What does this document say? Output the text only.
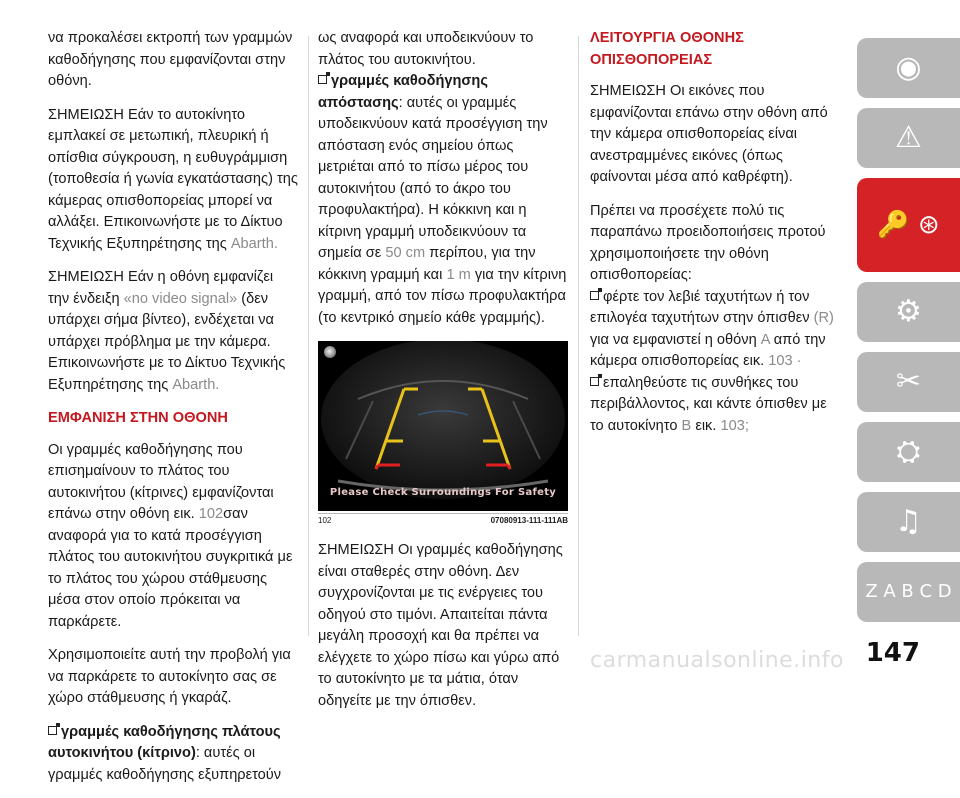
να προκαλέσει εκτροπή των γραμμών καθοδήγησης που εμφανίζονται στην οθόνη.

ΣΗΜΕΙΩΣΗ Εάν το αυτοκίνητο εμπλακεί σε μετωπική, πλευρική ή οπίσθια σύγκρουση, η ευθυγράμμιση (τοποθεσία ή γωνία εγκατάστασης) της κάμερας οπισθοπορείας μπορεί να αλλάξει. Επικοινωνήστε με το Δίκτυο Τεχνικής Εξυπηρέτησης της Abarth.

ΣΗΜΕΙΩΣΗ Εάν η οθόνη εμφανίζει την ένδειξη «no video signal» (δεν υπάρχει σήμα βίντεο), ενδέχεται να υπάρχει πρόβλημα με την κάμερα. Επικοινωνήστε με το Δίκτυο Τεχνικής Εξυπηρέτησης της Abarth.

ΕΜΦΑΝΙΣΗ ΣΤΗΝ ΟΘΟΝΗ

Οι γραμμές καθοδήγησης που επισημαίνουν το πλάτος του αυτοκινήτου (κίτρινες) εμφανίζονται επάνω στην οθόνη εικ. 102σαν αναφορά για το κατά προσέγγιση πλάτος του αυτοκινήτου συγκριτικά με το πλάτος του χώρου στάθμευσης μέσα στον οποίο πρόκειται να παρκάρετε.

Χρησιμοποιείτε αυτή την προβολή για να παρκάρετε το αυτοκίνητο σας σε χώρο στάθμευσης ή γκαράζ.

γραμμές καθοδήγησης πλάτους αυτοκινήτου (κίτρινο): αυτές οι γραμμές καθοδήγησης εξυπηρετούν

ως αναφορά και υποδεικνύουν το πλάτος του αυτοκινήτου.

γραμμές καθοδήγησης απόστασης: αυτές οι γραμμές υποδεικνύουν κατά προσέγγιση την απόσταση ενός σημείου όπως μετριέται από το πίσω μέρος του αυτοκινήτου (από το άκρο του προφυλακτήρα). Η κόκκινη και η κίτρινη γραμμή υποδεικνύουν τα σημεία σε 50 cm περίπου, για την κόκκινη γραμμή και 1 m για την κίτρινη γραμμή, από τον πίσω προφυλακτήρα (το κεντρικό σημείο κάθε γραμμής).

Please Check Surroundings For Safety
102	07080913-111-111AB

ΣΗΜΕΙΩΣΗ Οι γραμμές καθοδήγησης είναι σταθερές στην οθόνη. Δεν συγχρονίζονται με τις ενέργειες του οδηγού στο τιμόνι. Απαιτείται πάντα μεγάλη προσοχή και θα πρέπει να ελέγχετε το χώρο πίσω και γύρω από το αυτοκίνητο με τα μάτια, όταν οδηγείτε με την όπισθεν.

ΛΕΙΤΟΥΡΓΙΑ ΟΘΟΝΗΣ ΟΠΙΣΘΟΠΟΡΕΙΑΣ

ΣΗΜΕΙΩΣΗ Οι εικόνες που εμφανίζονται επάνω στην οθόνη από την κάμερα οπισθοπορείας είναι ανεστραμμένες εικόνες (όπως φαίνονται μέσα από καθρέφτη).

Πρέπει να προσέχετε πολύ τις παραπάνω προειδοποιήσεις προτού χρησιμοποιήσετε την οθόνη οπισθοπορείας:

φέρτε τον λεβιέ ταχυτήτων ή τον επιλογέα ταχυτήτων στην όπισθεν (R) για να εμφανιστεί η οθόνη A από την κάμερα οπισθοπορείας εικ. 103 ·

επαληθεύστε τις συνθήκες του περιβάλλοντος, και κάντε όπισθεν με το αυτοκίνητο B εικ. 103;

◉
⚠
🔑 ⊛
⚙
✂
⛭
♫
Z A B C D
147
carmanualsonline.info
